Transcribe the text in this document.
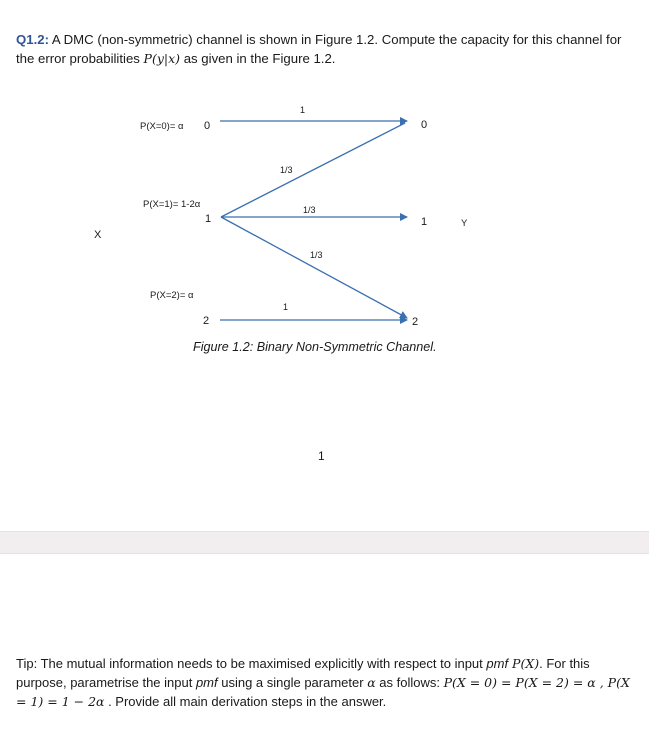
Q1.2: A DMC (non-symmetric) channel is shown in Figure 1.2. Compute the capacity for this channel for the error probabilities P(y|x) as given in the Figure 1.2.
P(X=0)= α
P(X=1)= 1-2α
P(X=2)= α
0
1
2
0
1
2
X
Y
1
1/3
1/3
1/3
1
Figure 1.2: Binary Non-Symmetric Channel.
1
Tip: The mutual information needs to be maximised explicitly with respect to input pmf P(X). For this purpose, parametrise the input pmf using a single parameter α as follows: P(X = 0) = P(X = 2) = α , P(X = 1) = 1 − 2α . Provide all main derivation steps in the answer.
